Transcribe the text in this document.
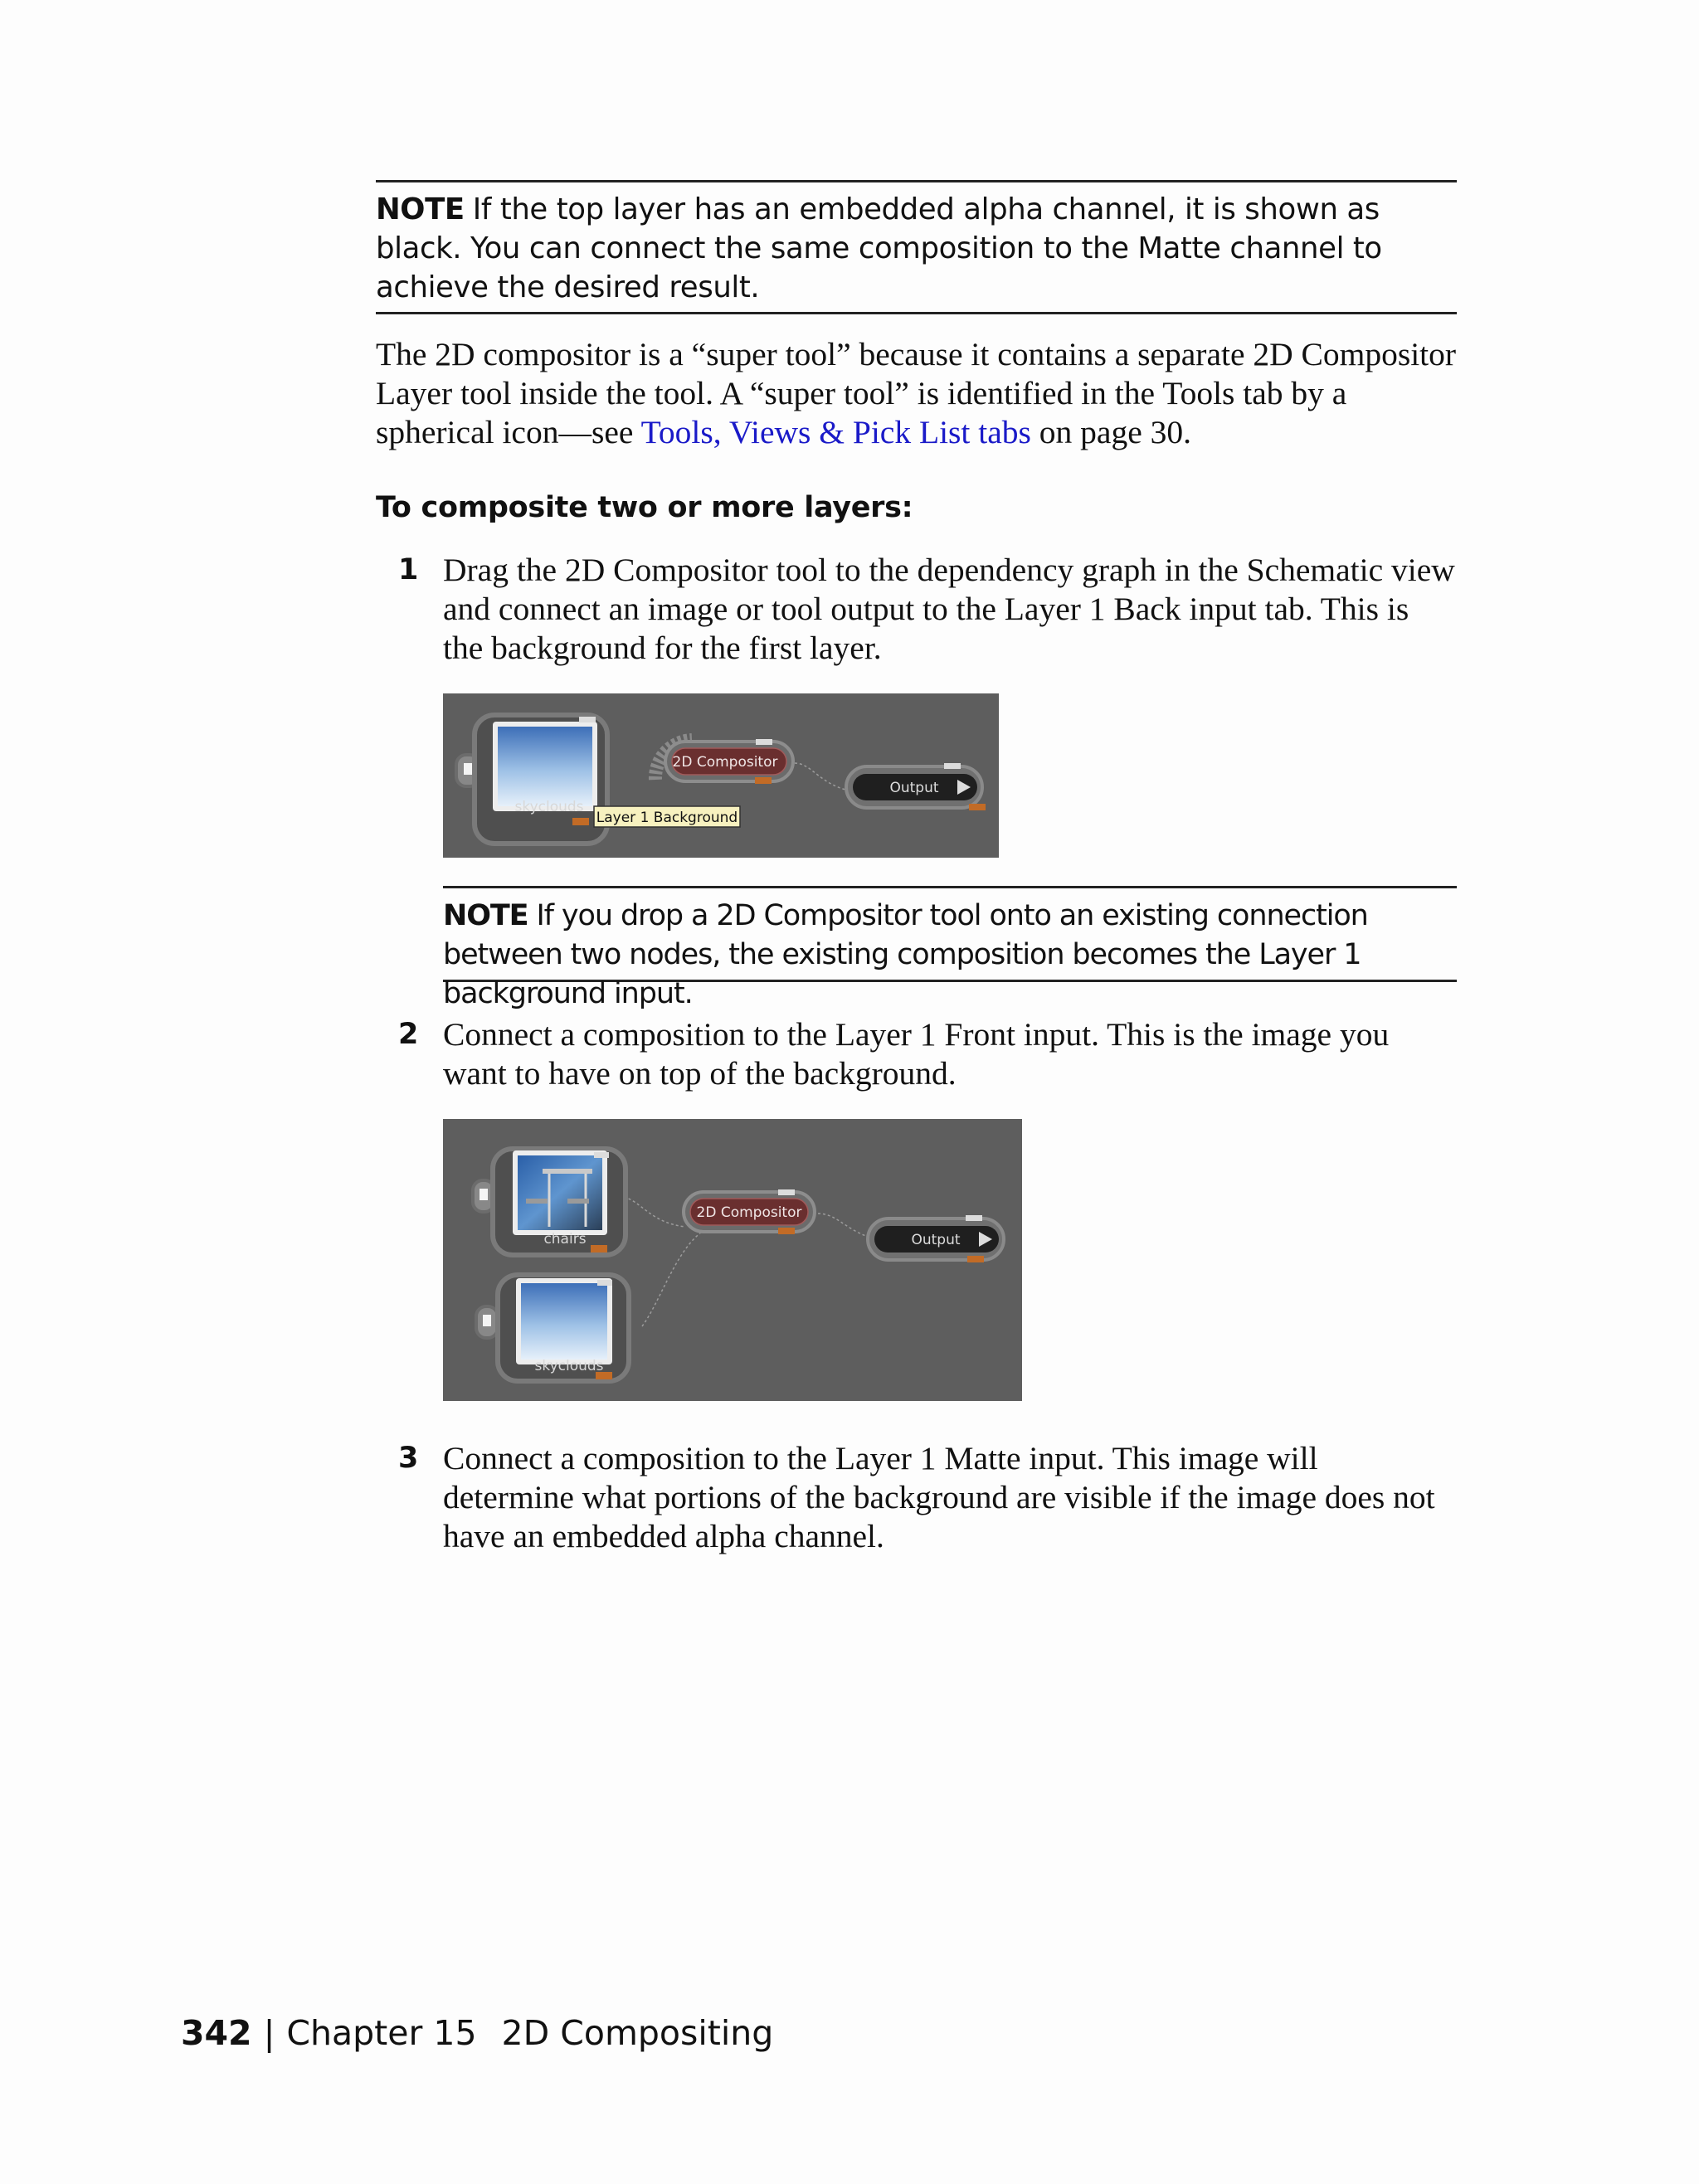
NOTE If the top layer has an embedded alpha channel, it is shown as black. You can connect the same composition to the Matte channel to achieve the desired result.

The 2D compositor is a “super tool” because it contains a separate 2D Compositor Layer tool inside the tool. A “super tool” is identified in the Tools tab by a spherical icon—see Tools, Views & Pick List tabs on page 30.

To composite two or more layers:

1 Drag the 2D Compositor tool to the dependency graph in the Schematic view and connect an image or tool output to the Layer 1 Back input tab. This is the background for the first layer.

skyclouds
Layer 1 Background
2D Compositor
Output

NOTE If you drop a 2D Compositor tool onto an existing connection between two nodes, the existing composition becomes the Layer 1 background input.

2 Connect a composition to the Layer 1 Front input. This is the image you want to have on top of the background.

chairs
skyclouds
2D Compositor
Output
3 Connect a composition to the Layer 1 Matte input. This image will determine what portions of the background are visible if the image does not have an embedded alpha channel.

342 | Chapter 15 2D Compositing
